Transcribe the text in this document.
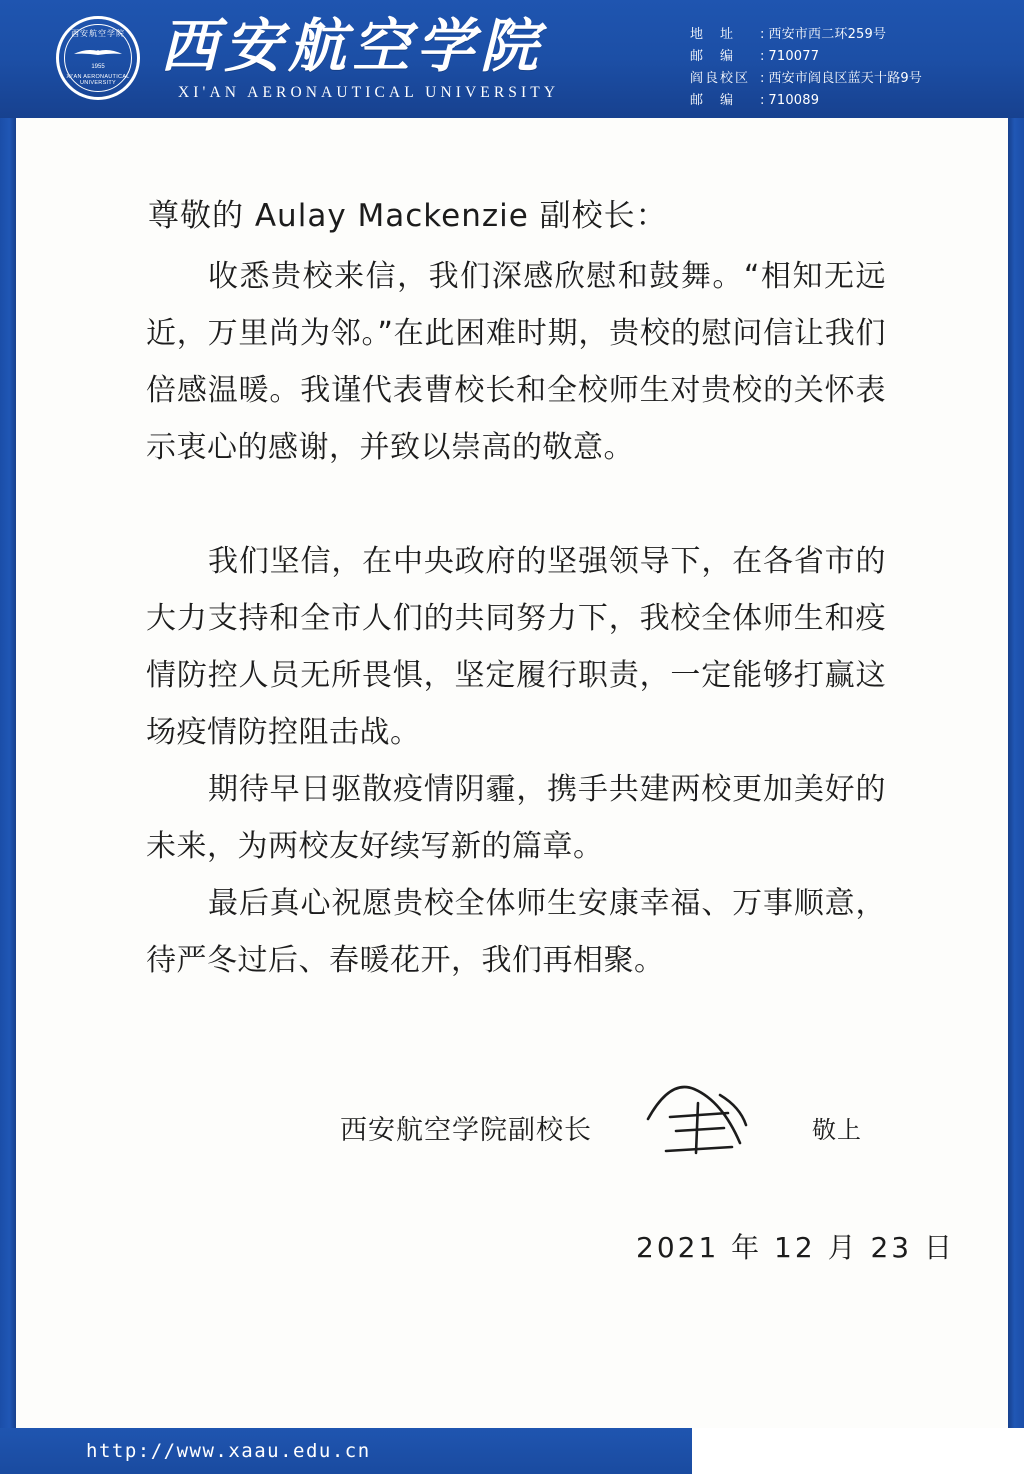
西安航空学院
1955
XI'AN AERONAUTICAL UNIVERSITY
西安航空学院
XI'AN AERONAUTICAL UNIVERSITY
地　址	: 西安市西二环259号
邮　编	: 710077
阎良校区 : 西安市阎良区蓝天十路9号
邮　编	: 710089
尊敬的 Aulay Mackenzie 副校长：
收悉贵校来信，我们深感欣慰和鼓舞。“相知无远近，万里尚为邻。”在此困难时期，贵校的慰问信让我们倍感温暖。我谨代表曹校长和全校师生对贵校的关怀表示衷心的感谢，并致以崇高的敬意。
我们坚信，在中央政府的坚强领导下，在各省市的大力支持和全市人们的共同努力下，我校全体师生和疫情防控人员无所畏惧，坚定履行职责，一定能够打赢这场疫情防控阻击战。
期待早日驱散疫情阴霾，携手共建两校更加美好的未来，为两校友好续写新的篇章。
最后真心祝愿贵校全体师生安康幸福、万事顺意，待严冬过后、春暖花开，我们再相聚。
西安航空学院副校长	敬上
2021 年 12 月 23 日
http://www.xaau.edu.cn
